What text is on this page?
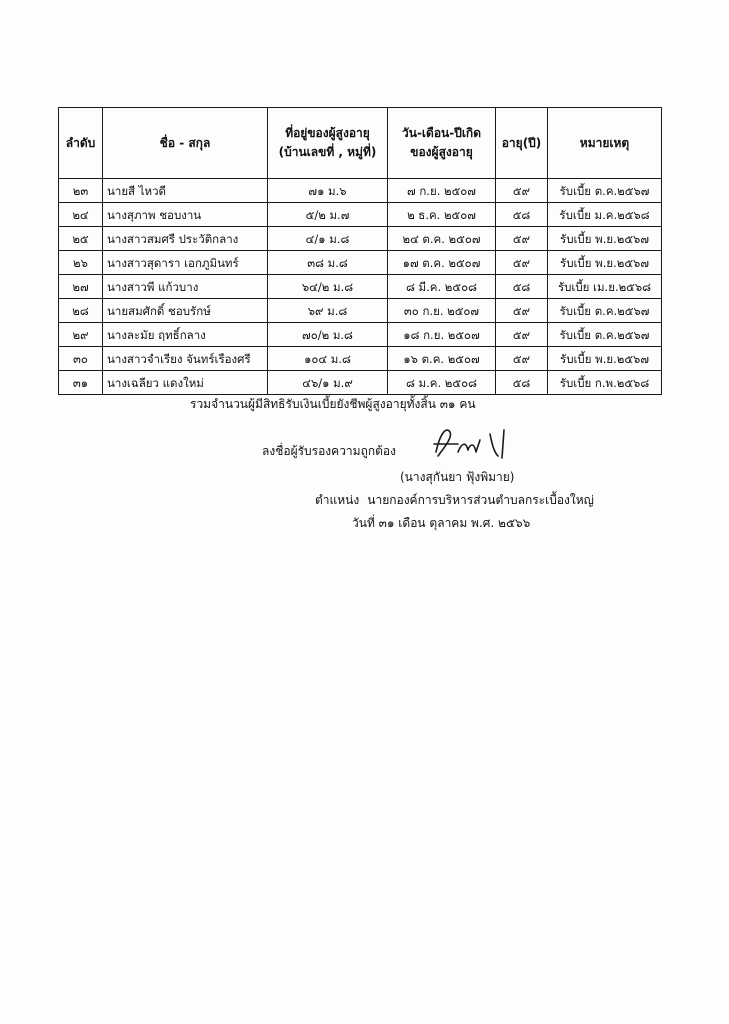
ลำดับ	ชื่อ - สกุล	ที่อยู่ของผู้สูงอายุ (บ้านเลขที่ , หมู่ที่)	วัน-เดือน-ปีเกิดของผู้สูงอายุ	อายุ(ปี)	หมายเหตุ
๒๓	นายสี ไหวดี	๗๑ ม.๖	๗ ก.ย. ๒๕๐๗	๕๙	รับเบี้ย ต.ค.๒๕๖๗
๒๔	นางสุภาพ ชอบงาน	๕/๒ ม.๗	๒ ธ.ค. ๒๕๐๗	๕๘	รับเบี้ย ม.ค.๒๕๖๘
๒๕	นางสาวสมศรี ประวัติกลาง	๔/๑ ม.๘	๒๔ ต.ค. ๒๕๐๗	๕๙	รับเบี้ย พ.ย.๒๕๖๗
๒๖	นางสาวสุดารา เอกภูมินทร์	๓๘ ม.๘	๑๗ ต.ค. ๒๕๐๗	๕๙	รับเบี้ย พ.ย.๒๕๖๗
๒๗	นางสาวพี แก้วบาง	๖๔/๒ ม.๘	๘ มี.ค. ๒๕๐๘	๕๘	รับเบี้ย เม.ย.๒๕๖๘
๒๘	นายสมศักดิ์ ชอบรักษ์	๖๙ ม.๘	๓๐ ก.ย. ๒๕๐๗	๕๙	รับเบี้ย ต.ค.๒๕๖๗
๒๙	นางละมัย ฤทธิ์กลาง	๗๐/๒ ม.๘	๑๘ ก.ย. ๒๕๐๗	๕๙	รับเบี้ย ต.ค.๒๕๖๗
๓๐	นางสาวจำเรียง จันทร์เรืองศรี	๑๐๔ ม.๘	๑๖ ต.ค. ๒๕๐๗	๕๙	รับเบี้ย พ.ย.๒๕๖๗
๓๑	นางเฉลียว แดงใหม่	๔๖/๑ ม.๙	๘ ม.ค. ๒๕๐๘	๕๘	รับเบี้ย ก.พ.๒๕๖๘
รวมจำนวนผู้มีสิทธิรับเงินเบี้ยยังชีพผู้สูงอายุทั้งสิ้น ๓๑ คน
ลงชื่อผู้รับรองความถูกต้อง
(นางสุกันยา ฟุ้งพิมาย)
ตำแหน่ง นายกองค์การบริหารส่วนตำบลกระเบื้องใหญ่
วันที่ ๓๑ เดือน ตุลาคม พ.ศ. ๒๕๖๖
